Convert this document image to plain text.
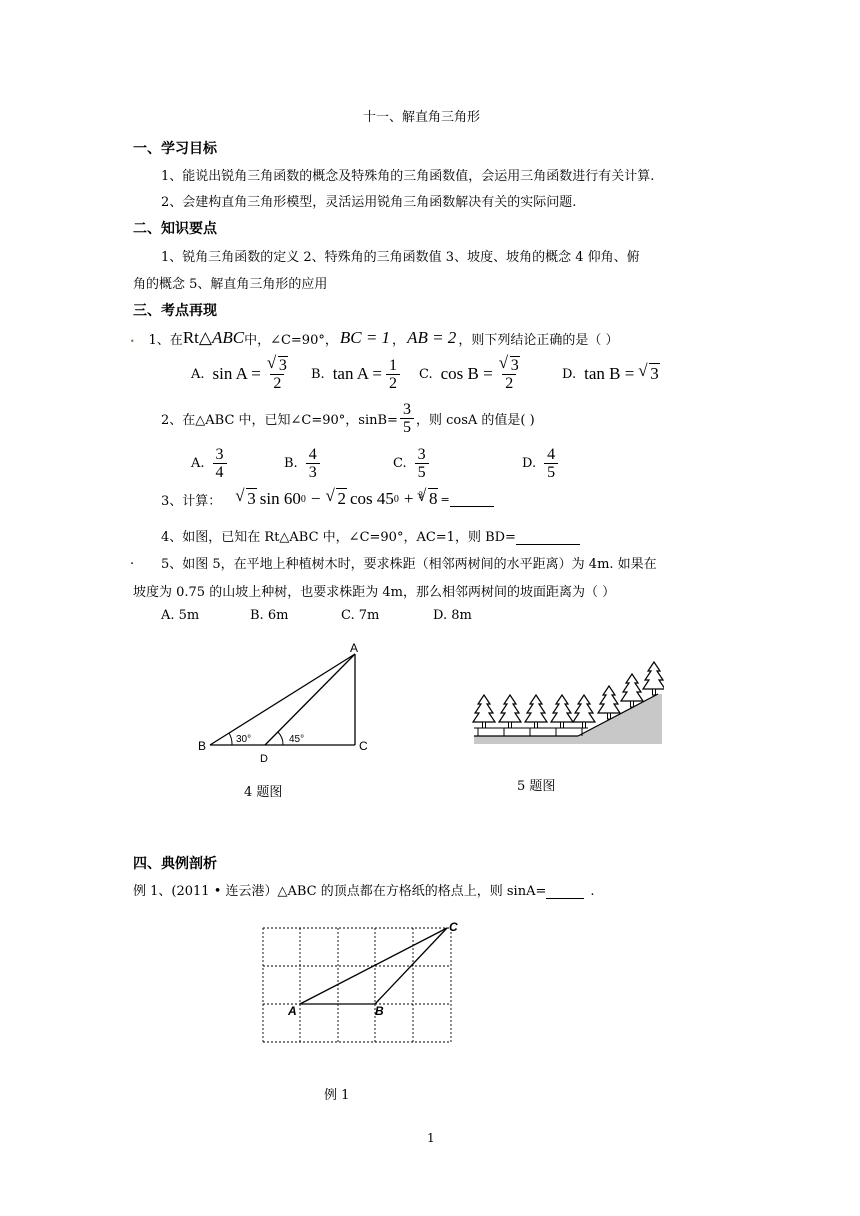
十一、解直角三角形
一、学习目标
1、能说出锐角三角函数的概念及特殊角的三角函数值，会运用三角函数进行有关计算.
2、会建构直角三角形模型，灵活运用锐角三角函数解决有关的实际问题.
二、知识要点
1、锐角三角函数的定义 2、特殊角的三角函数值 3、坡度、坡角的概念 4 仰角、俯
角的概念 5、解直角三角形的应用
三、考点再现
. 1、在 Rt△ ABC 中，∠C=90°， BC = 1 ， AB = 2 ，则下列结论正确的是（ ）
A. sin A = √ $\frac{3}{2} B$. $\tan A = \frac{1}{2} C$. cos B = √ $\frac{3}{2}$	D. tan B = √ 3
2、在△ABC 中，已知∠C=90°，$\sin B= \frac{3}{5}$ ，则 cosA 的值是( )
A. $\frac{3}{4}$	B. $\frac{4}{3}$	C. $\frac{3}{5}$	D. $\frac{4}{5}$
3、计算：	√ 3 sin 60 0 −	√ 2 cos 45 0 + $^3$ √ 8 =
4、如图，已知在 Rt△ABC 中，∠C=90°，AC=1，则 BD=
. 5、如图 5，在平地上种植树木时，要求株距（相邻两树间的水平距离）为 4m. 如果在
坡度为 0.75 的山坡上种树，也要求株距为 4m，那么相邻两树间的坡面距离为（ ）
A. 5m	B. 6m	C. 7m	D. 8m
A
B	C
D
30°	45°
4 题图	5 题图
四、典例剖析
例 1、(2011 • 连云港）△ABC 的顶点都在方格纸的格点上，则 sinA=	.
A	B
C
例 1
1
